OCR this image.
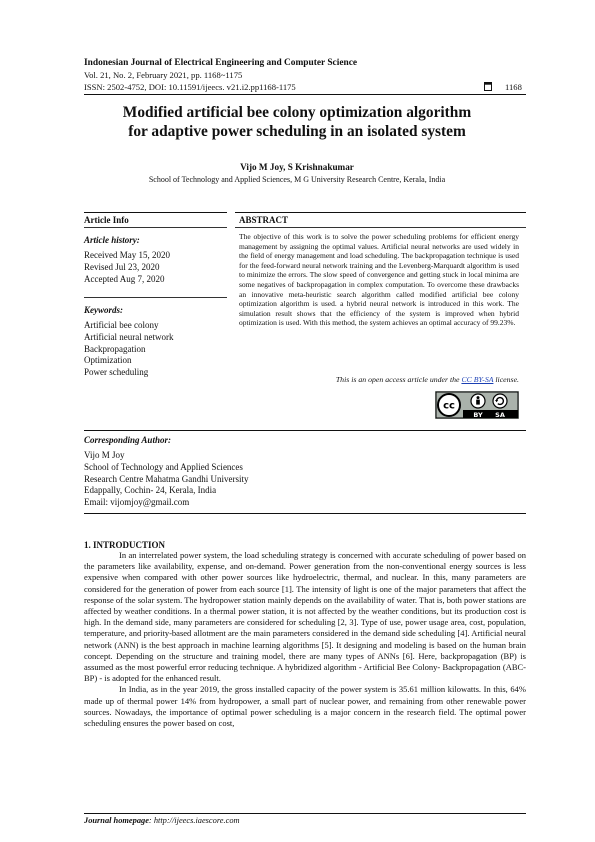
Indonesian Journal of Electrical Engineering and Computer Science
Vol. 21, No. 2, February 2021, pp. 1168~1175
ISSN: 2502-4752, DOI: 10.11591/ijeecs. v21.i2.pp1168-1175	1168
Modified artificial bee colony optimization algorithm
for adaptive power scheduling in an isolated system
Vijo M Joy, S Krishnakumar
School of Technology and Applied Sciences, M G University Research Centre, Kerala, India
Article Info	ABSTRACT
Article history:
Received May 15, 2020
Revised Jul 23, 2020
Accepted Aug 7, 2020
Keywords:
Artificial bee colony
Artificial neural network
Backpropagation
Optimization
Power scheduling
The objective of this work is to solve the power scheduling problems for efficient energy management by assigning the optimal values. Artificial neural networks are used widely in the field of energy management and load scheduling. The backpropagation technique is used for the feed-forward neural network training and the Levenberg-Marquardt algorithm is used to minimize the errors. The slow speed of convergence and getting stuck in local minima are some negatives of backpropagation in complex computation. To overcome these drawbacks an innovative meta-heuristic search algorithm called modified artificial bee colony optimization algorithm is used. a hybrid neural network is introduced in this work. The simulation result shows that the efficiency of the system is improved when hybrid optimization is used. With this method, the system achieves an optimal accuracy of 99.23%.
This is an open access article under the CC BY-SA license.
cc
BY SA
Corresponding Author:
Vijo M Joy
School of Technology and Applied Sciences
Research Centre Mahatma Gandhi University
Edappally, Cochin- 24, Kerala, India
Email: vijomjoy@gmail.com
1. INTRODUCTION

In an interrelated power system, the load scheduling strategy is concerned with accurate scheduling of power based on the parameters like availability, expense, and on-demand. Power generation from the non-conventional energy sources is less expensive when compared with other power sources like hydroelectric, thermal, and nuclear. In this, many parameters are considered for the generation of power from each source [1]. The intensity of light is one of the major parameters that affect the response of the solar system. The hydropower station mainly depends on the availability of water. That is, both power stations are affected by weather conditions. In a thermal power station, it is not affected by the weather conditions, but its production cost is high. In the demand side, many parameters are considered for scheduling [2, 3]. Type of use, power usage area, cost, population, temperature, and priority-based allotment are the main parameters considered in the demand side scheduling [4]. Artificial neural network (ANN) is the best approach in machine learning algorithms [5]. It designing and modeling is based on the human brain concept. Depending on the structure and training model, there are many types of ANNs [6]. Here, backpropagation (BP) is assumed as the most powerful error reducing technique. A hybridized algorithm - Artificial Bee Colony- Backpropagation (ABC-BP) - is adopted for the enhanced result.

In India, as in the year 2019, the gross installed capacity of the power system is 35.61 million kilowatts. In this, 64% made up of thermal power 14% from hydropower, a small part of nuclear power, and remaining from other renewable power sources. Nowadays, the importance of optimal power scheduling is a major concern in the research field. The optimal power scheduling ensures the power based on cost,

Journal homepage: http://ijeecs.iaescore.com
